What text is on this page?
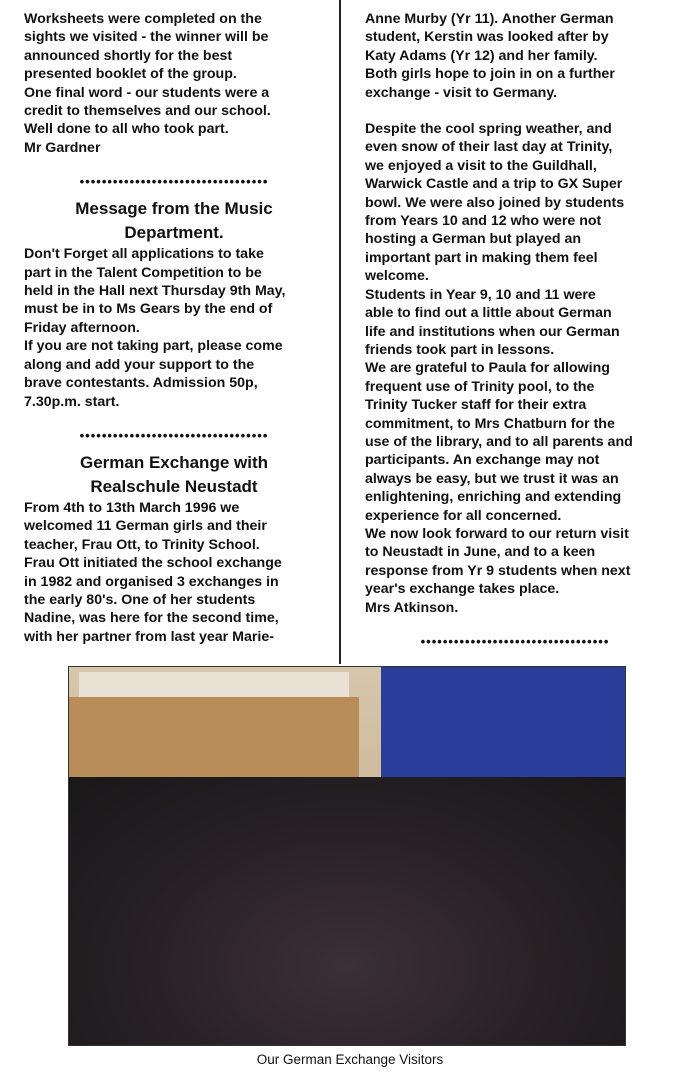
Worksheets were completed on the
sights we visited - the winner will be
announced shortly for the best
presented booklet of the group.
One final word - our students were a
credit to themselves and our school.
Well done to all who took part.
Mr Gardner
••••••••••••••••••••••••••••••••••
Message from the Music
Department.
Don't Forget all applications to take
part in the Talent Competition to be
held in the Hall next Thursday 9th May,
must be in to Ms Gears by the end of
Friday afternoon.
If you are not taking part, please come
along and add your support to the
brave contestants. Admission 50p,
7.30p.m. start.
••••••••••••••••••••••••••••••••••
German Exchange with
Realschule Neustadt
From 4th to 13th March 1996 we
welcomed 11 German girls and their
teacher, Frau Ott, to Trinity School.
Frau Ott initiated the school exchange
in 1982 and organised 3 exchanges in
the early 80's. One of her students
Nadine, was here for the second time,
with her partner from last year Marie-
Anne Murby (Yr 11). Another German
student, Kerstin was looked after by
Katy Adams (Yr 12) and her family.
Both girls hope to join in on a further
exchange - visit to Germany.
Despite the cool spring weather, and
even snow of their last day at Trinity,
we enjoyed a visit to the Guildhall,
Warwick Castle and a trip to GX Super
bowl. We were also joined by students
from Years 10 and 12 who were not
hosting a German but played an
important part in making them feel
welcome.
Students in Year 9, 10 and 11 were
able to find out a little about German
life and institutions when our German
friends took part in lessons.
We are grateful to Paula for allowing
frequent use of Trinity pool, to the
Trinity Tucker staff for their extra
commitment, to Mrs Chatburn for the
use of the library, and to all parents and
participants. An exchange may not
always be easy, but we trust it was an
enlightening, enriching and extending
experience for all concerned.
We now look forward to our return visit
to Neustadt in June, and to a keen
response from Yr 9 students when next
year's exchange takes place.
Mrs Atkinson.
••••••••••••••••••••••••••••••••••
Our German Exchange Visitors
